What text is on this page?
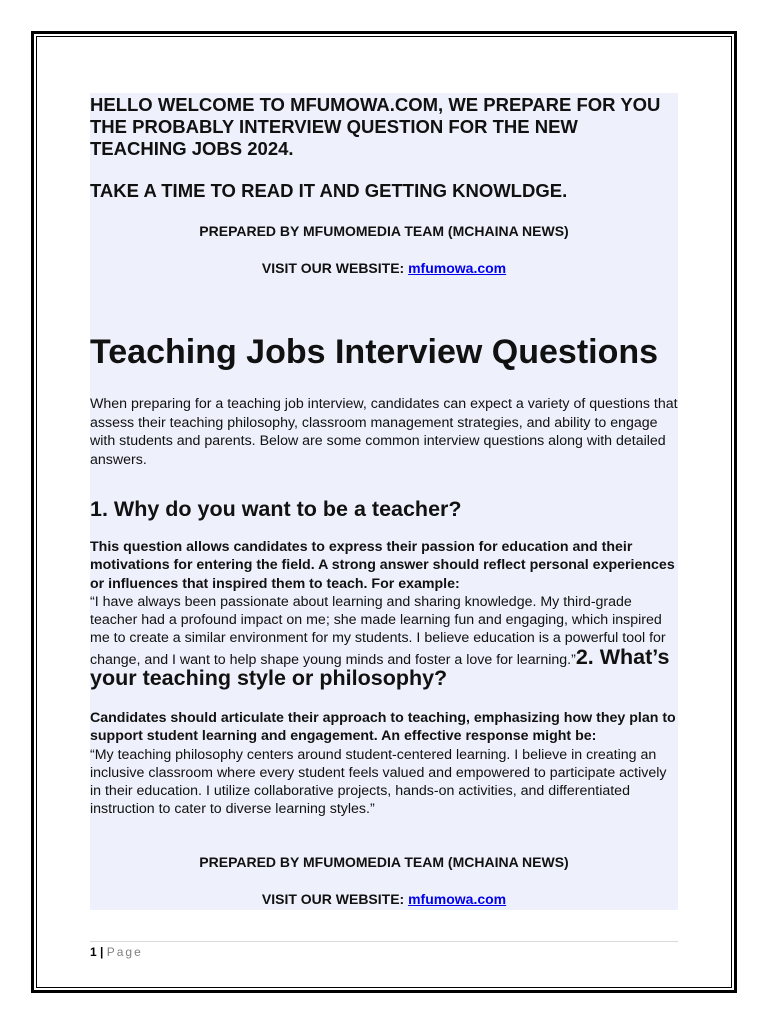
HELLO WELCOME TO MFUMOWA.COM, WE PREPARE FOR YOU THE PROBABLY INTERVIEW QUESTION FOR THE NEW TEACHING JOBS 2024.

TAKE A TIME TO READ IT AND GETTING KNOWLDGE.

PREPARED BY MFUMOMEDIA TEAM (MCHAINA NEWS)

VISIT OUR WEBSITE: mfumowa.com

Teaching Jobs Interview Questions

When preparing for a teaching job interview, candidates can expect a variety of questions that assess their teaching philosophy, classroom management strategies, and ability to engage with students and parents. Below are some common interview questions along with detailed answers.

1. Why do you want to be a teacher?

This question allows candidates to express their passion for education and their motivations for entering the field. A strong answer should reflect personal experiences or influences that inspired them to teach. For example:
“I have always been passionate about learning and sharing knowledge. My third-grade teacher had a profound impact on me; she made learning fun and engaging, which inspired me to create a similar environment for my students. I believe education is a powerful tool for change, and I want to help shape young minds and foster a love for learning.”2. What’s your teaching style or philosophy?
Candidates should articulate their approach to teaching, emphasizing how they plan to support student learning and engagement. An effective response might be:
“My teaching philosophy centers around student-centered learning. I believe in creating an inclusive classroom where every student feels valued and empowered to participate actively in their education. I utilize collaborative projects, hands-on activities, and differentiated instruction to cater to diverse learning styles.”

PREPARED BY MFUMOMEDIA TEAM (MCHAINA NEWS)

VISIT OUR WEBSITE: mfumowa.com

1 | Page
